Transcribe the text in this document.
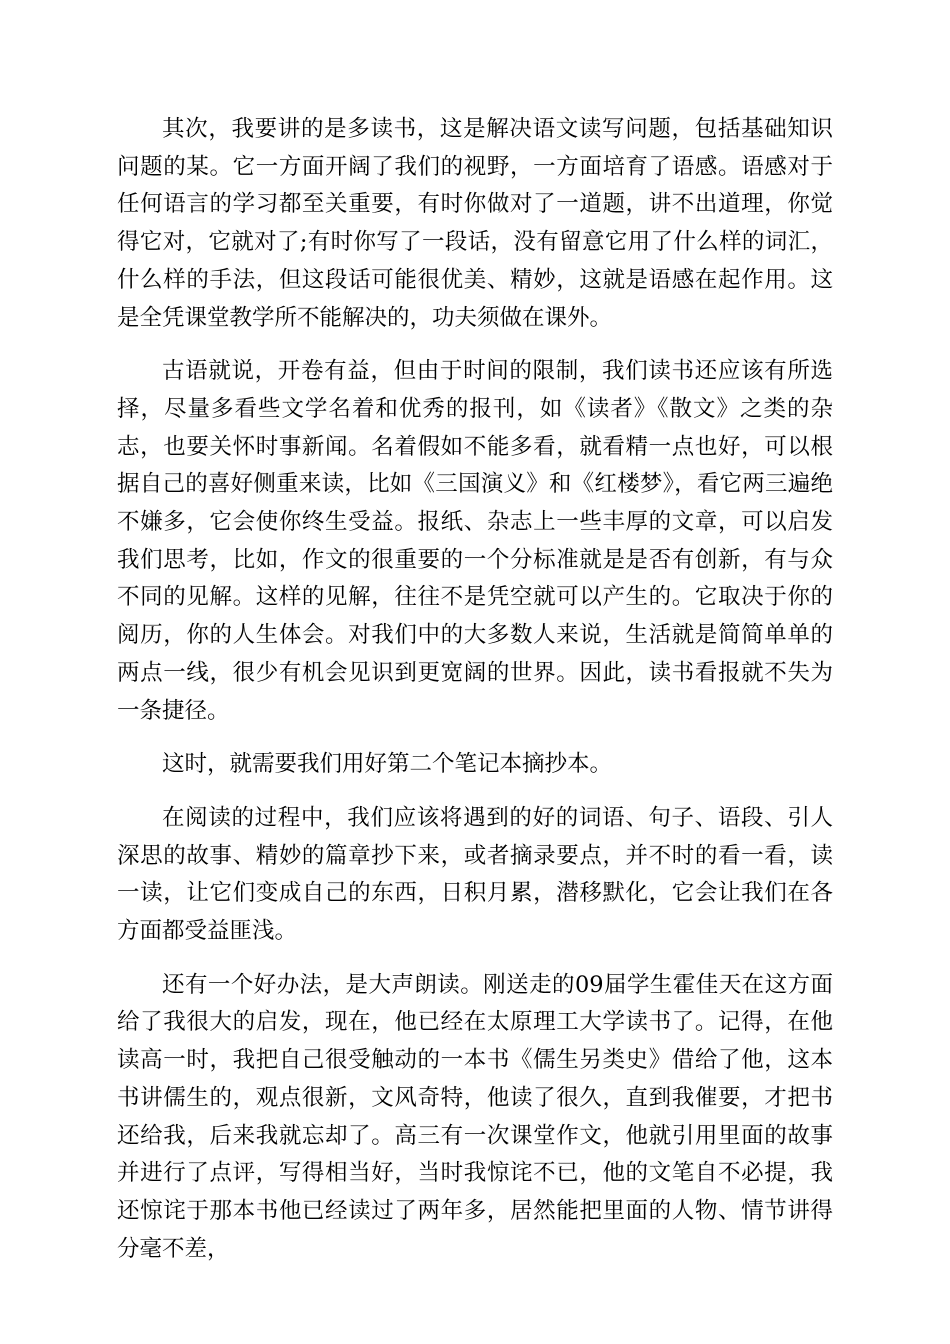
其次，我要讲的是多读书，这是解决语文读写问题，包括基础知识问题的某。它一方面开阔了我们的视野，一方面培育了语感。语感对于任何语言的学习都至关重要，有时你做对了一道题，讲不出道理，你觉得它对，它就对了;有时你写了一段话，没有留意它用了什么样的词汇，什么样的手法，但这段话可能很优美、精妙，这就是语感在起作用。这是全凭课堂教学所不能解决的，功夫须做在课外。

古语就说，开卷有益，但由于时间的限制，我们读书还应该有所选择，尽量多看些文学名着和优秀的报刊，如《读者》《散文》之类的杂志，也要关怀时事新闻。名着假如不能多看，就看精一点也好，可以根据自己的喜好侧重来读，比如《三国演义》和《红楼梦》，看它两三遍绝不嫌多，它会使你终生受益。报纸、杂志上一些丰厚的文章，可以启发我们思考，比如，作文的很重要的一个分标准就是是否有创新，有与众不同的见解。这样的见解，往往不是凭空就可以产生的。它取决于你的阅历，你的人生体会。对我们中的大多数人来说，生活就是简简单单的两点一线，很少有机会见识到更宽阔的世界。因此，读书看报就不失为一条捷径。

这时，就需要我们用好第二个笔记本摘抄本。

在阅读的过程中，我们应该将遇到的好的词语、句子、语段、引人深思的故事、精妙的篇章抄下来，或者摘录要点，并不时的看一看，读一读，让它们变成自己的东西，日积月累，潜移默化，它会让我们在各方面都受益匪浅。

还有一个好办法，是大声朗读。刚送走的09届学生霍佳天在这方面给了我很大的启发，现在，他已经在太原理工大学读书了。记得，在他读高一时，我把自己很受触动的一本书《儒生另类史》借给了他，这本书讲儒生的，观点很新，文风奇特，他读了很久，直到我催要，才把书还给我，后来我就忘却了。高三有一次课堂作文，他就引用里面的故事并进行了点评，写得相当好，当时我惊诧不已，他的文笔自不必提，我还惊诧于那本书他已经读过了两年多，居然能把里面的人物、情节讲得分毫不差，
